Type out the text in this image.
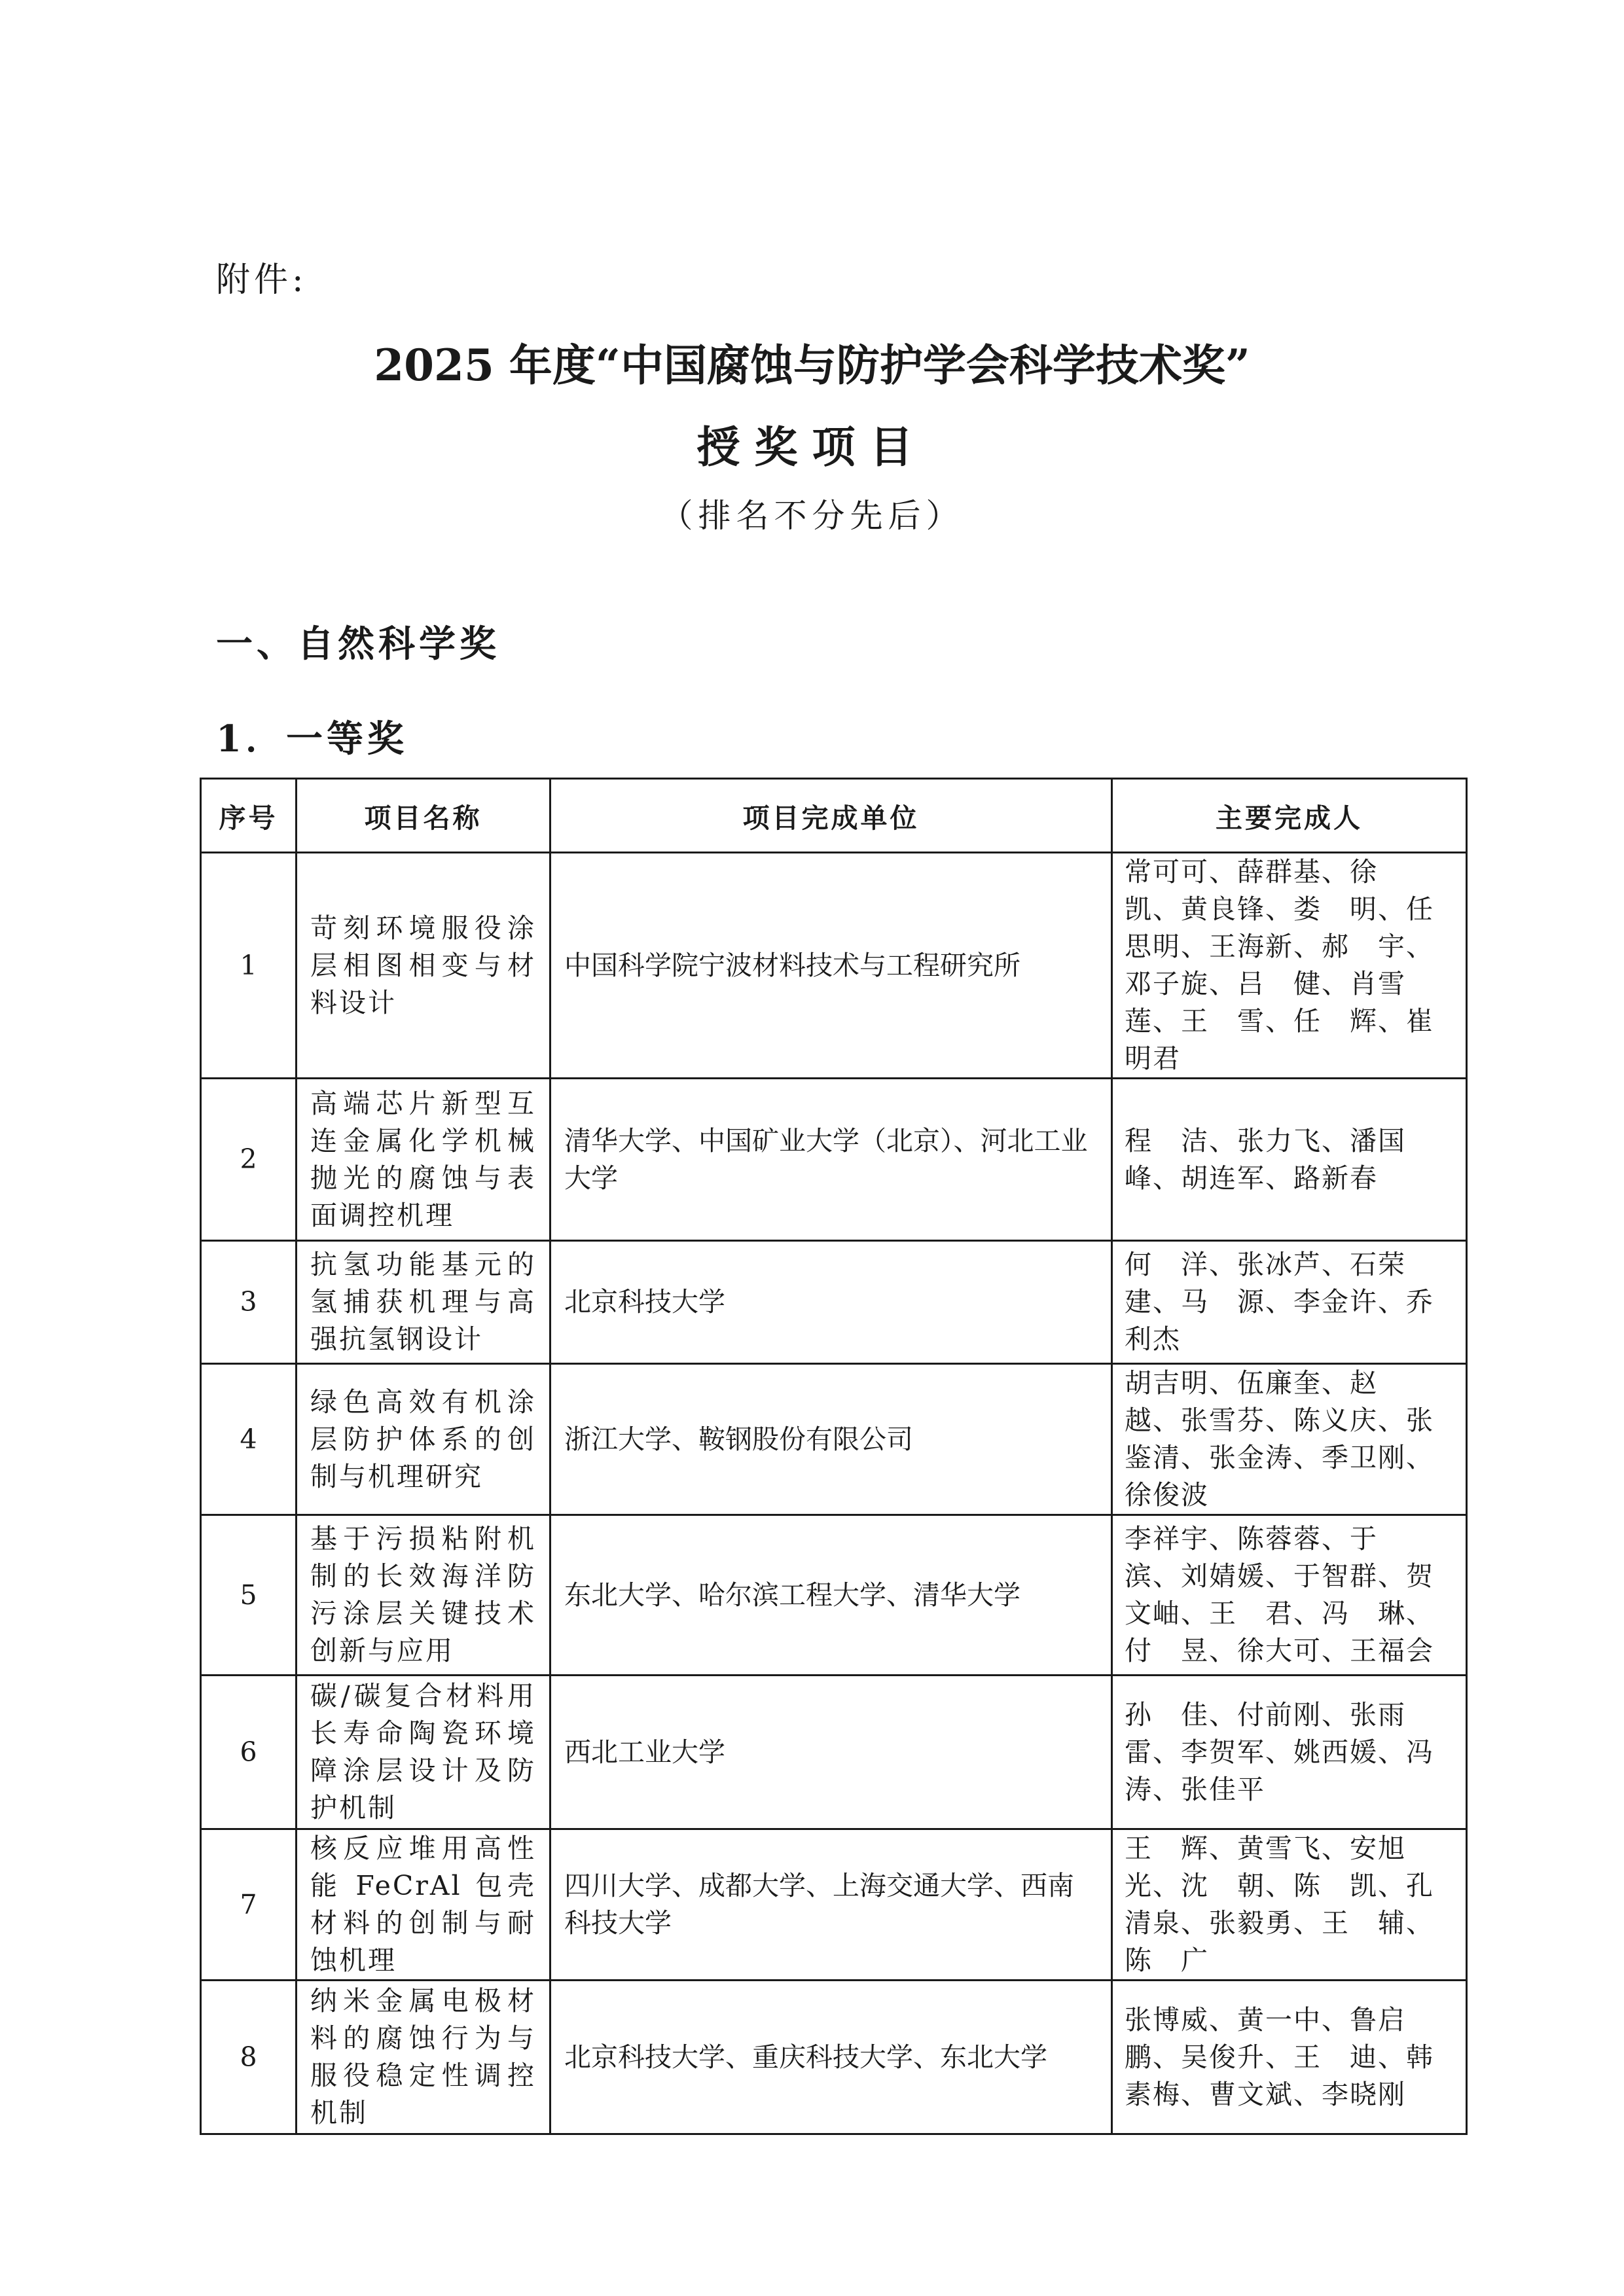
附件:
2025 年度“中国腐蚀与防护学会科学技术奖”
授奖项目
（排名不分先后）
一、自然科学奖
1．一等奖
序号	项目名称	项目完成单位	主要完成人
1	苛刻环境服役涂层相图相变与材料设计	中国科学院宁波材料技术与工程研究所	常可可、薛群基、徐　凯、黄良锋、娄　明、任思明、王海新、郝　宇、邓子旋、吕　健、肖雪莲、王　雪、任　辉、崔明君
2	高端芯片新型互连金属化学机械抛光的腐蚀与表面调控机理	清华大学、中国矿业大学（北京）、河北工业大学	程　洁、张力飞、潘国峰、胡连军、路新春
3	抗氢功能基元的氢捕获机理与高强抗氢钢设计	北京科技大学	何　洋、张冰芦、石荣建、马　源、李金许、乔利杰
4	绿色高效有机涂层防护体系的创制与机理研究	浙江大学、鞍钢股份有限公司	胡吉明、伍廉奎、赵　越、张雪芬、陈义庆、张鉴清、张金涛、季卫刚、徐俊波
5	基于污损粘附机制的长效海洋防污涂层关键技术创新与应用	东北大学、哈尔滨工程大学、清华大学	李祥宇、陈蓉蓉、于　滨、刘婧媛、于智群、贺文岫、王　君、冯　琳、付　昱、徐大可、王福会
6	碳/碳复合材料用长寿命陶瓷环境障涂层设计及防护机制	西北工业大学	孙　佳、付前刚、张雨雷、李贺军、姚西媛、冯　涛、张佳平
7	核反应堆用高性能 FeCrAl 包壳材料的创制与耐蚀机理	四川大学、成都大学、上海交通大学、西南科技大学	王　辉、黄雪飞、安旭光、沈　朝、陈　凯、孔清泉、张毅勇、王　辅、陈　广
8	纳米金属电极材料的腐蚀行为与服役稳定性调控机制	北京科技大学、重庆科技大学、东北大学	张博威、黄一中、鲁启鹏、吴俊升、王　迪、韩素梅、曹文斌、李晓刚
